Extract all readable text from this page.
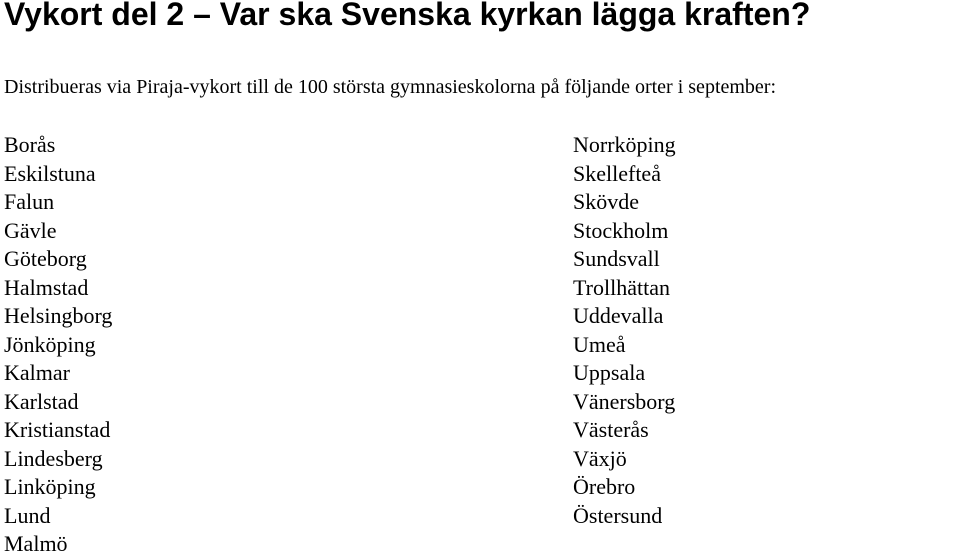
Vykort del 2 – Var ska Svenska kyrkan lägga kraften?

Distribueras via Piraja-vykort till de 100 största gymnasieskolorna på följande orter i september:

Borås
Eskilstuna
Falun
Gävle
Göteborg
Halmstad
Helsingborg
Jönköping
Kalmar
Karlstad
Kristianstad
Lindesberg
Linköping
Lund
Malmö
Norrköping
Skellefteå
Skövde
Stockholm
Sundsvall
Trollhättan
Uddevalla
Umeå
Uppsala
Vänersborg
Västerås
Växjö
Örebro
Östersund
